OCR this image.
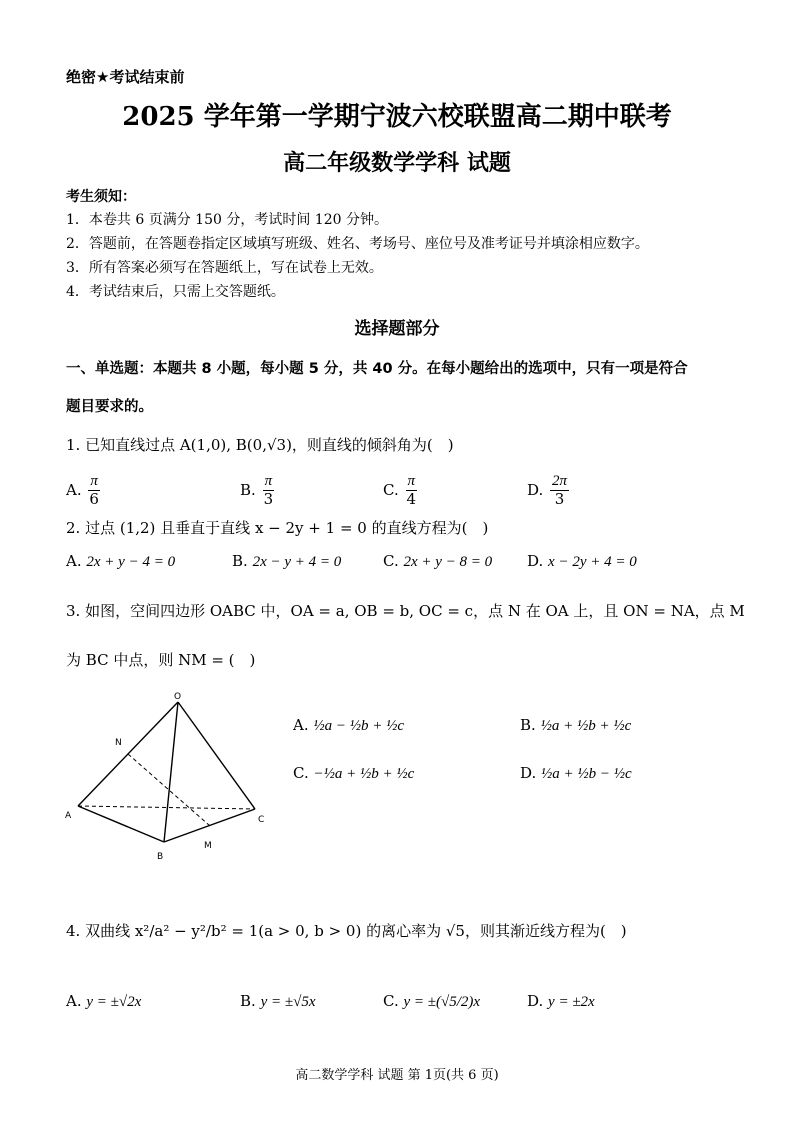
绝密★考试结束前
2025 学年第一学期宁波六校联盟高二期中联考
高二年级数学学科 试题
考生须知：
1．本卷共 6 页满分 150 分，考试时间 120 分钟。
2．答题前，在答题卷指定区域填写班级、姓名、考场号、座位号及准考证号并填涂相应数字。
3．所有答案必须写在答题纸上，写在试卷上无效。
4．考试结束后，只需上交答题纸。
选择题部分
一、单选题：本题共 8 小题，每小题 5 分，共 40 分。在每小题给出的选项中，只有一项是符合
题目要求的。
1. 已知直线过点 A(1,0), B(0,√3)，则直线的倾斜角为(　)
A. $\frac{\pi}{6}$	B. $\frac{\pi}{3}$	C. $\frac{\pi}{4}$	D. $\frac{2\pi}{3}$
2. 过点 (1,2) 且垂直于直线 x − 2y + 1 = 0 的直线方程为(　)
A. 2x + y − 4 = 0	B. 2x − y + 4 = 0	C. 2x + y − 8 = 0 D. x − 2y + 4 = 0
3. 如图，空间四边形 OABC 中，OA = a, OB = b, OC = c，点 N 在 OA 上，且 ON = NA，点 M
为 BC 中点，则 NM = (　)
O
N
A
B
C
M
A. ½a − ½b + ½c	B. ½a + ½b + ½c
C. −½a + ½b + ½c	D. ½a + ½b − ½c
4. 双曲线 x²/a² − y²/b² = 1(a > 0, b > 0) 的离心率为 √5，则其渐近线方程为(　)
A. y = ±√2x	B. y = ±√5x	C. y = ±(√5/2)x	D. y = ±2x
高二数学学科 试题 第 1页(共 6 页)
